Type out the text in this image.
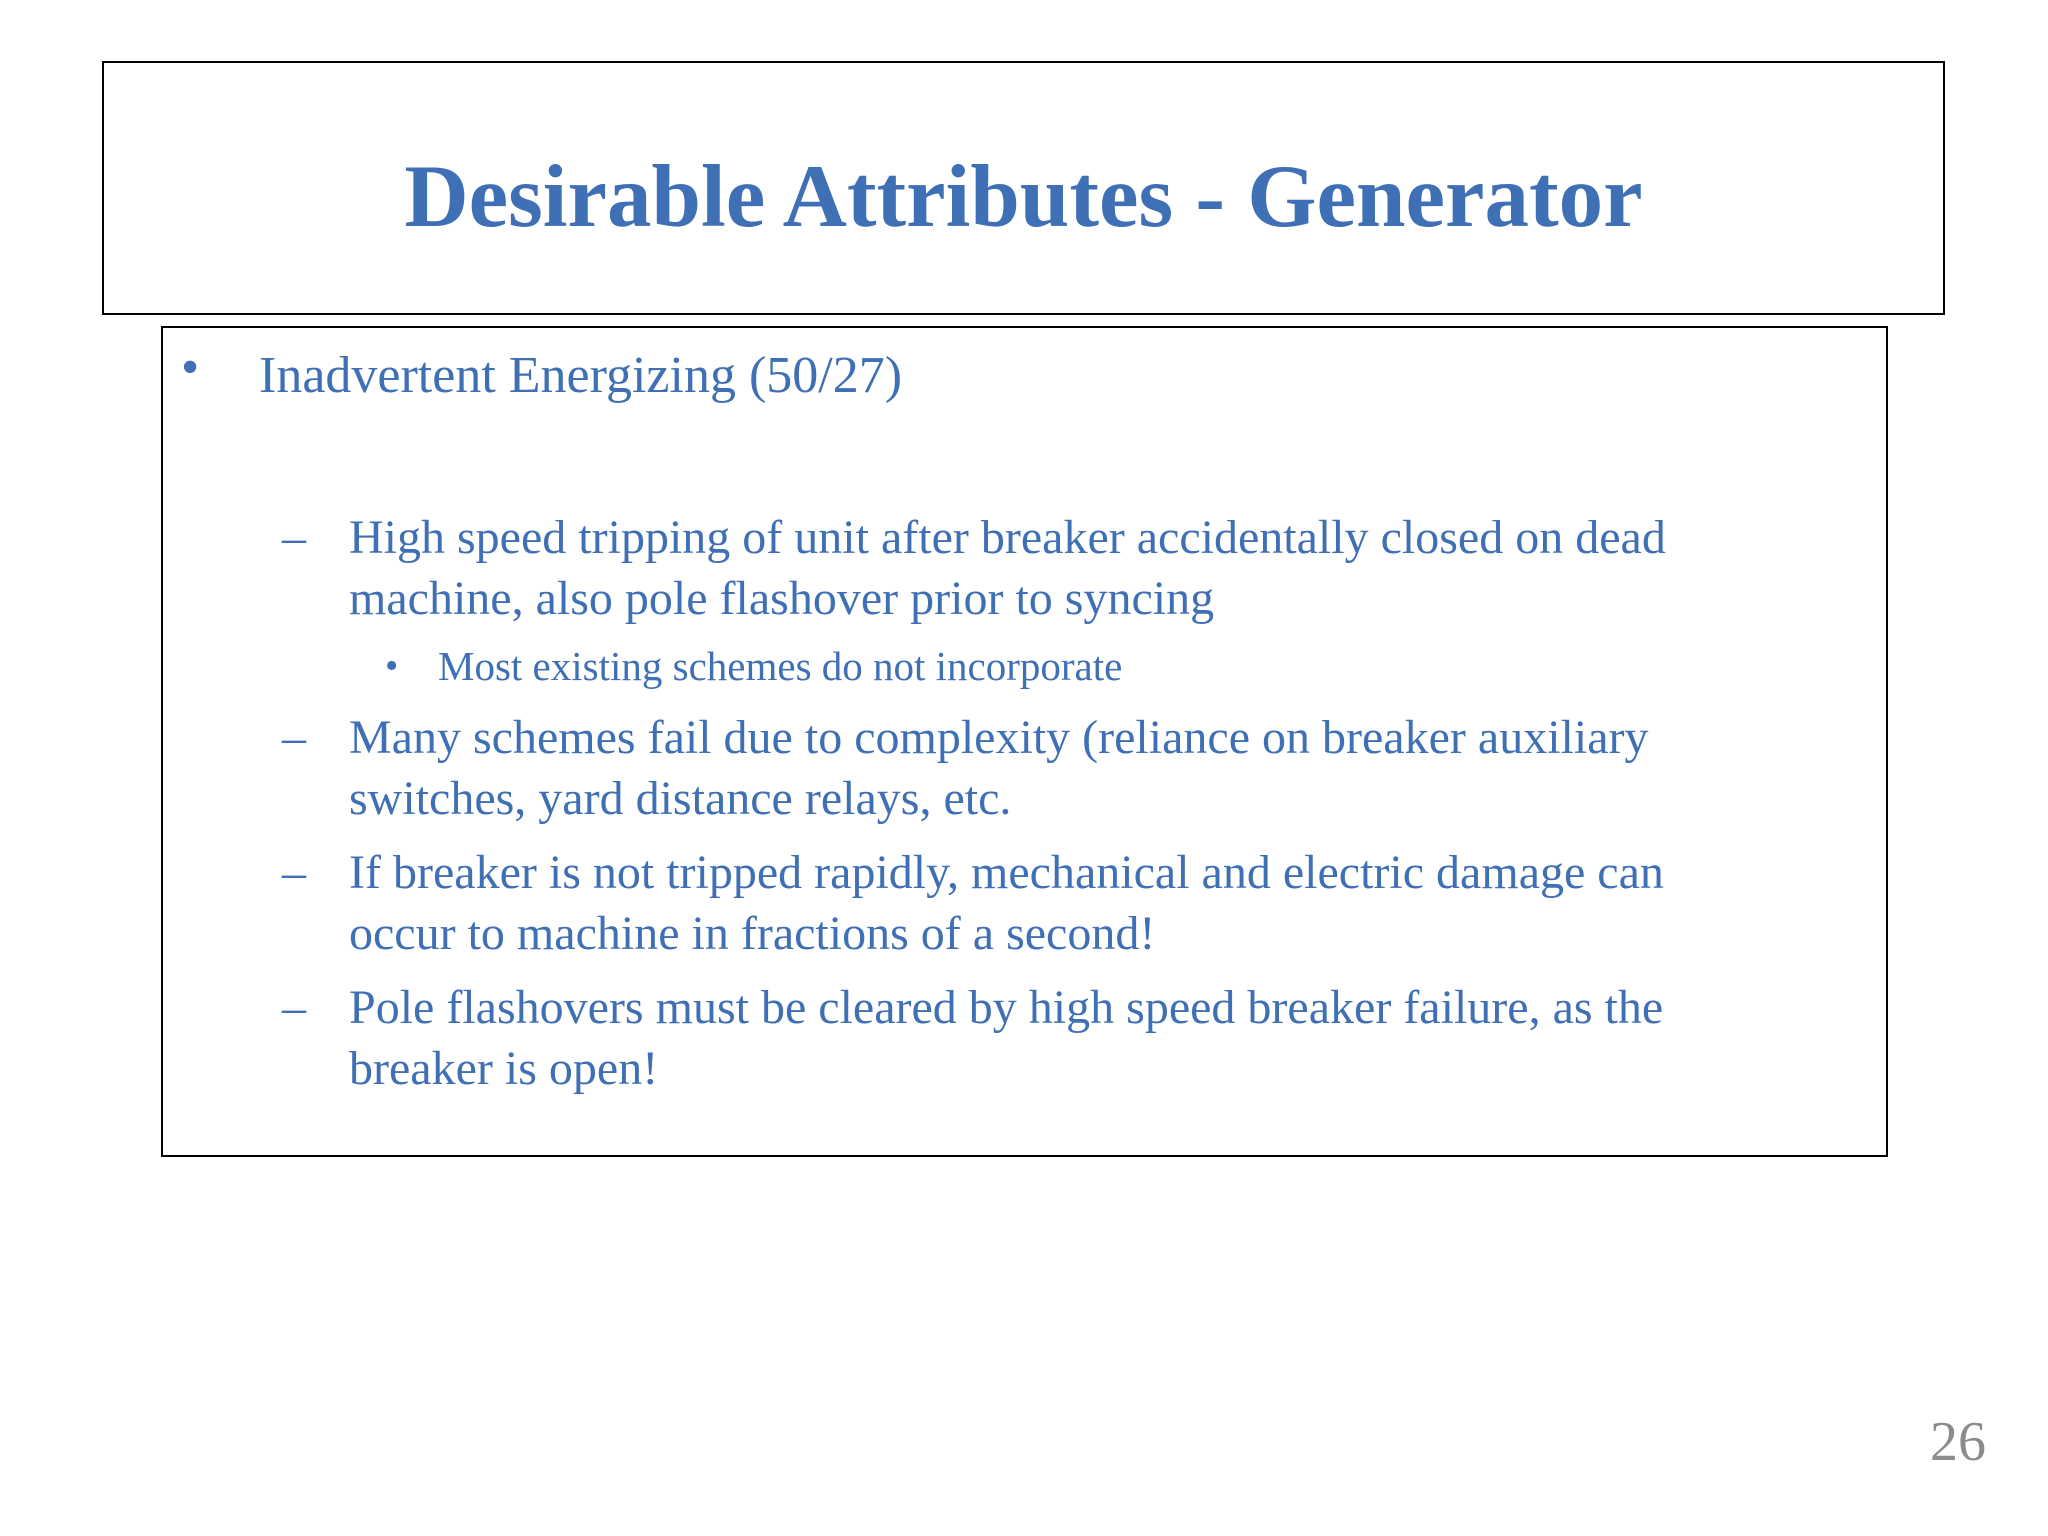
Desirable Attributes - Generator
• Inadvertent Energizing (50/27)
– High speed tripping of unit after breaker accidentally closed on dead machine, also pole flashover prior to syncing
• Most existing schemes do not incorporate
– Many schemes fail due to complexity (reliance on breaker auxiliary switches, yard distance relays, etc.
– If breaker is not tripped rapidly, mechanical and electric damage can occur to machine in fractions of a second!
– Pole flashovers must be cleared by high speed breaker failure, as the breaker is open!
26
